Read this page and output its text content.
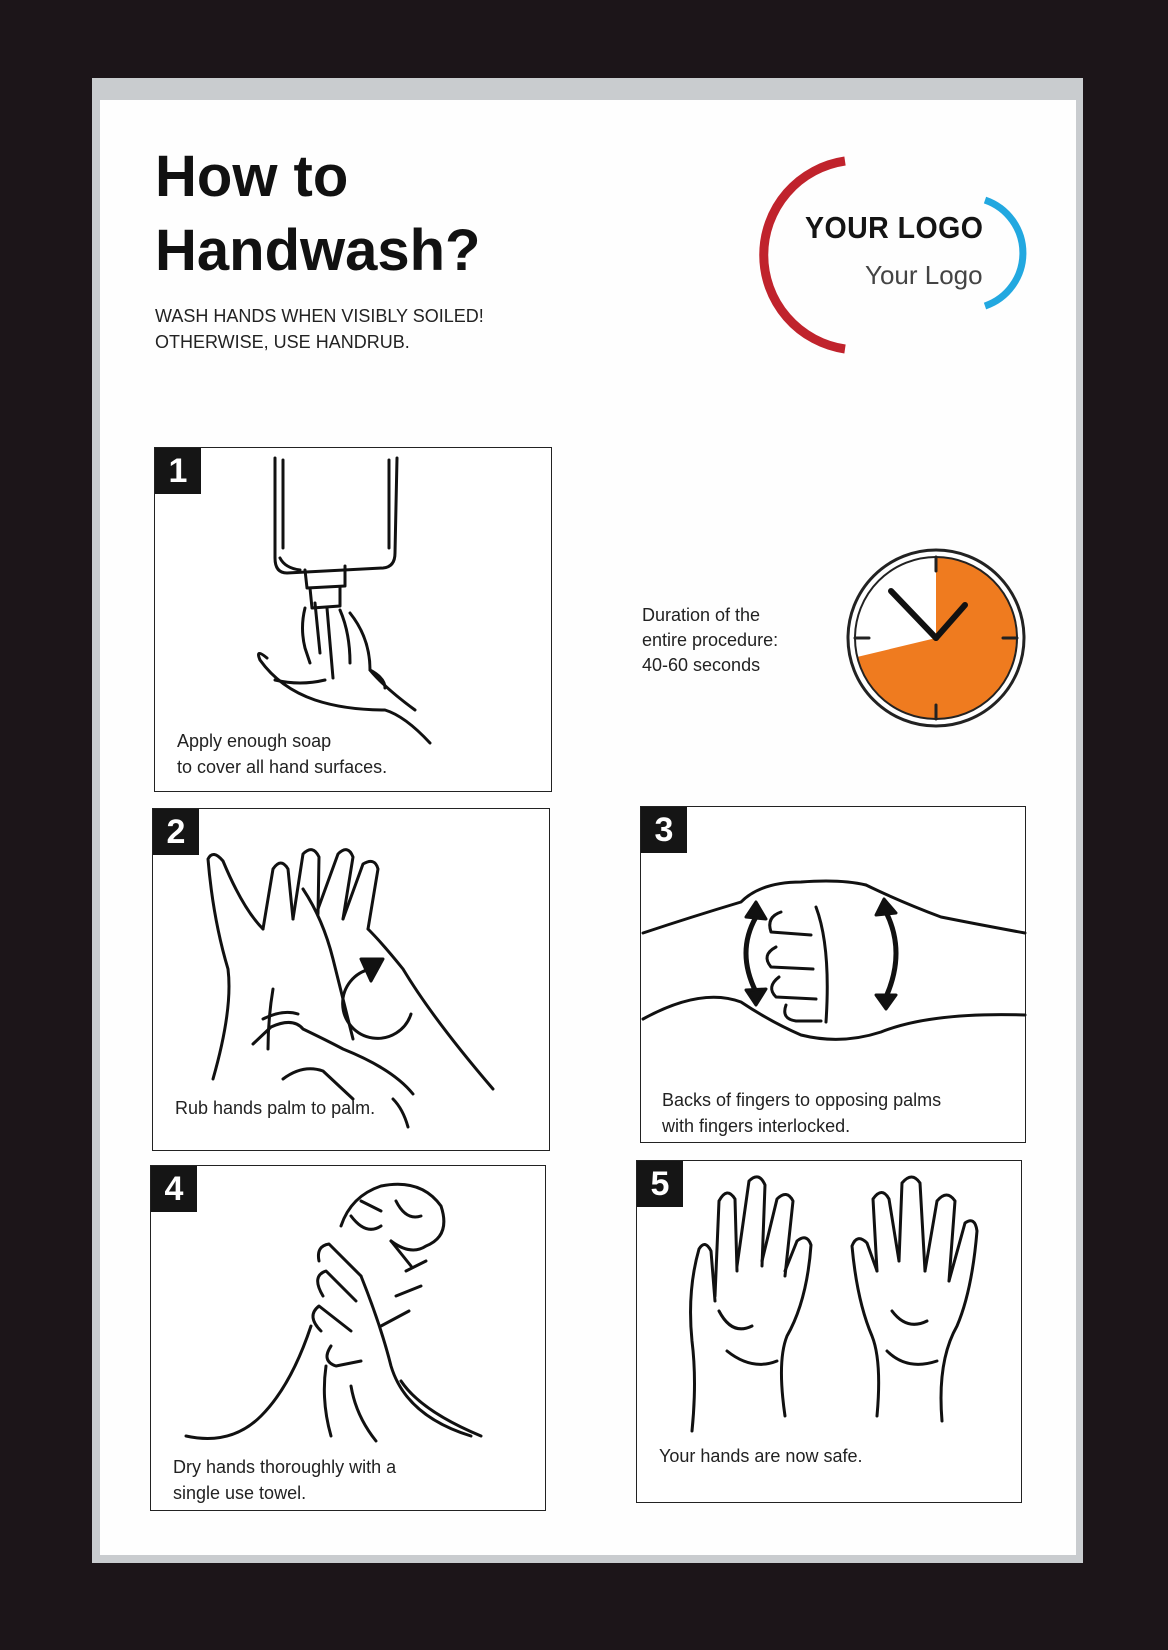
How to
Handwash?
WASH HANDS WHEN VISIBLY SOILED!
OTHERWISE, USE HANDRUB.
YOUR LOGO
Your Logo
1
Apply enough soap
to cover all hand surfaces.
Duration of the
entire procedure:
40-60 seconds
2
Rub hands palm to palm.
3
Backs of fingers to opposing palms
with fingers interlocked.
4
Dry hands thoroughly with a
single use towel.
5
Your hands are now safe.
